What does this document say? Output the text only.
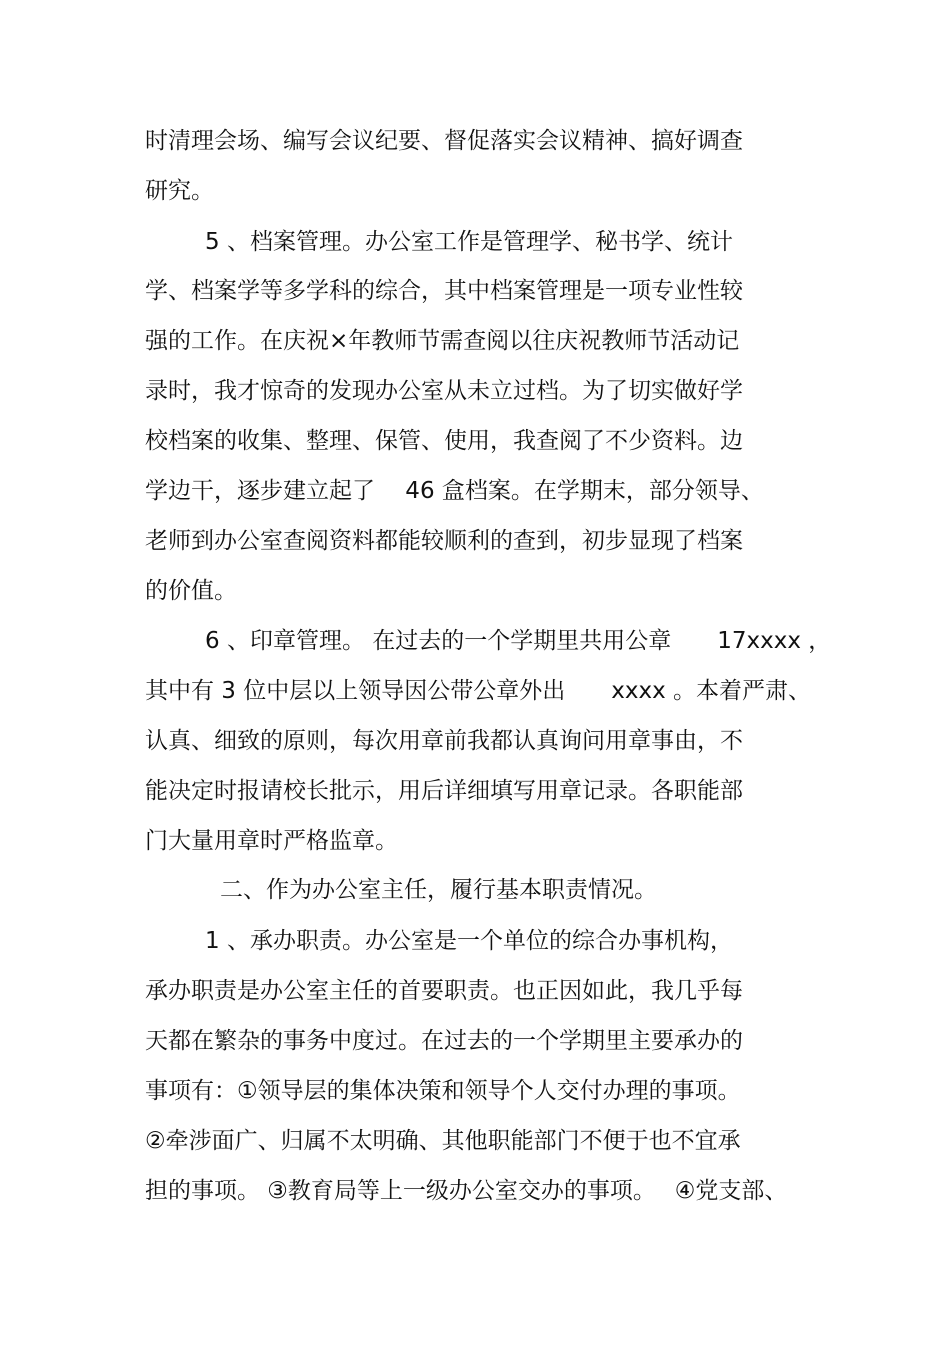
时清理会场、编写会议纪要、督促落实会议精神、搞好调查
研究。
5 、档案管理。办公室工作是管理学、秘书学、统计
学、档案学等多学科的综合，其中档案管理是一项专业性较
强的工作。在庆祝×年教师节需查阅以往庆祝教师节活动记
录时，我才惊奇的发现办公室从未立过档。为了切实做好学
校档案的收集、整理、保管、使用，我查阅了不少资料。边
学边干，逐步建立起了　 46 盒档案。在学期末，部分领导、
老师到办公室查阅资料都能较顺利的查到，初步显现了档案
的价值。
6 、印章管理。 在过去的一个学期里共用公章　　17xxxx ，
其中有 3 位中层以上领导因公带公章外出　　xxxx 。本着严肃、
认真、细致的原则，每次用章前我都认真询问用章事由，不
能决定时报请校长批示，用后详细填写用章记录。各职能部
门大量用章时严格监章。
二、作为办公室主任，履行基本职责情况。
1 、承办职责。办公室是一个单位的综合办事机构，
承办职责是办公室主任的首要职责。也正因如此，我几乎每
天都在繁杂的事务中度过。在过去的一个学期里主要承办的
事项有：①领导层的集体决策和领导个人交付办理的事项。
②牵涉面广、归属不太明确、其他职能部门不便于也不宜承
担的事项。 ③教育局等上一级办公室交办的事项。　 ④党支部、
